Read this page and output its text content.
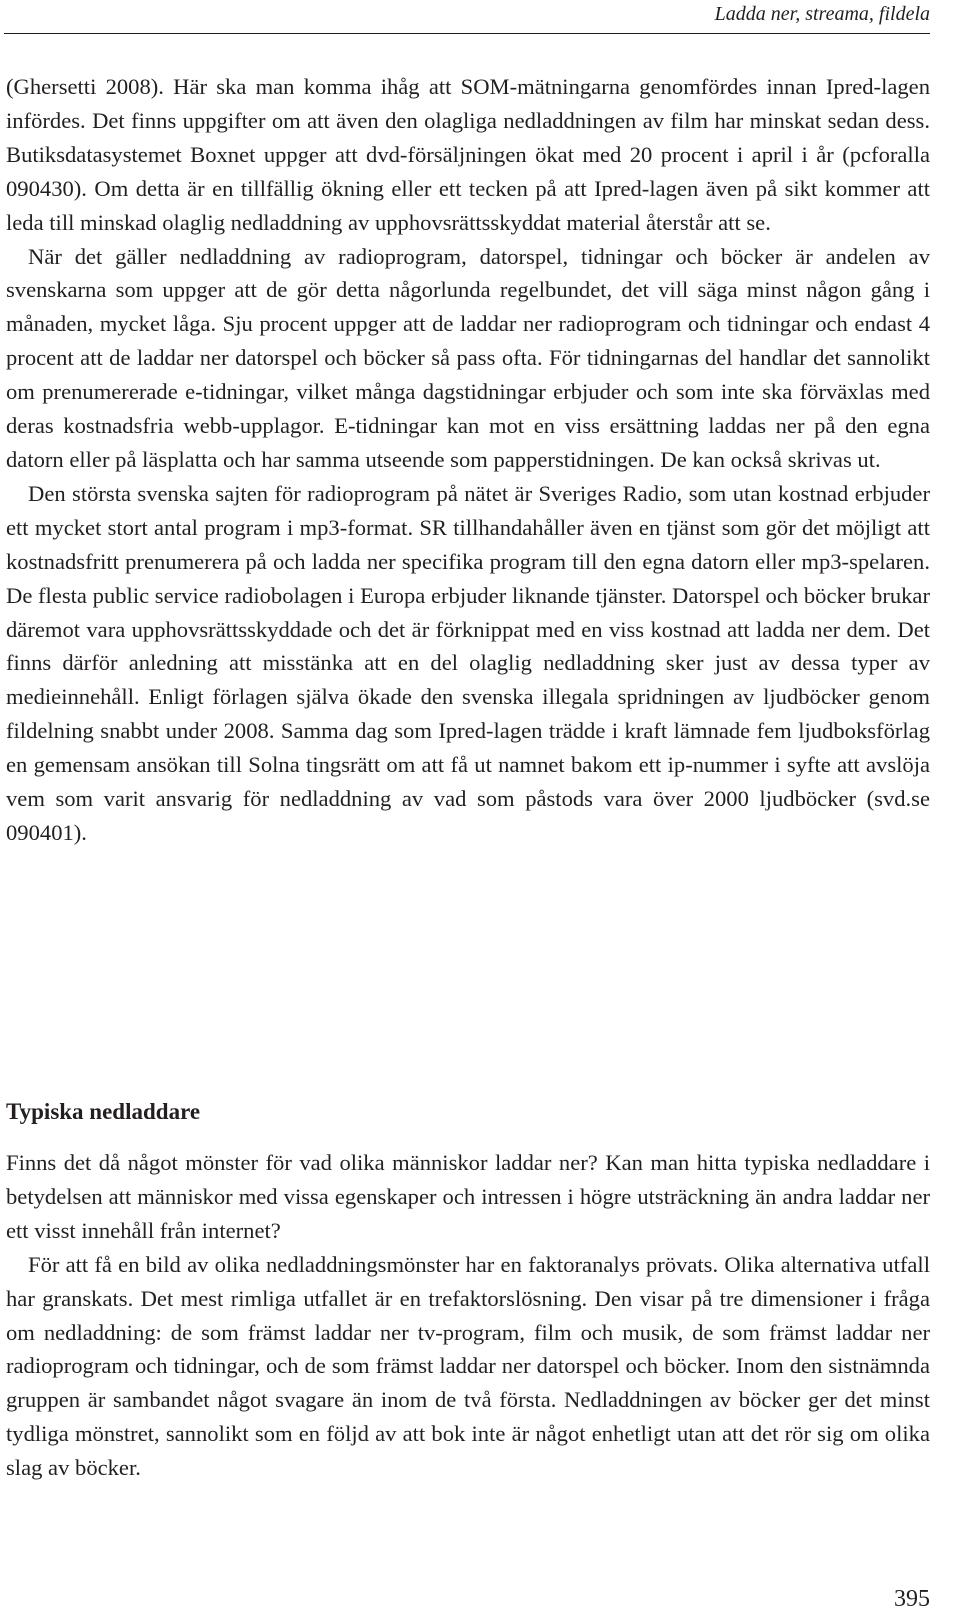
Ladda ner, streama, fildela

(Ghersetti 2008). Här ska man komma ihåg att SOM-mätningarna genomfördes innan Ipred-lagen infördes. Det finns uppgifter om att även den olagliga nedladdningen av film har minskat sedan dess. Butiksdatasystemet Boxnet uppger att dvd-försäljningen ökat med 20 procent i april i år (pcforalla 090430). Om detta är en tillfällig ökning eller ett tecken på att Ipred-lagen även på sikt kommer att leda till minskad olaglig nedladdning av upphovsrättsskyddat material återstår att se.

När det gäller nedladdning av radioprogram, datorspel, tidningar och böcker är andelen av svenskarna som uppger att de gör detta någorlunda regelbundet, det vill säga minst någon gång i månaden, mycket låga. Sju procent uppger att de laddar ner radioprogram och tidningar och endast 4 procent att de laddar ner datorspel och böcker så pass ofta. För tidningarnas del handlar det sannolikt om prenumererade e-tidningar, vilket många dagstidningar erbjuder och som inte ska förväxlas med deras kostnadsfria webb-upplagor. E-tidningar kan mot en viss ersättning laddas ner på den egna datorn eller på läsplatta och har samma utseende som papperstidningen. De kan också skrivas ut.

Den största svenska sajten för radioprogram på nätet är Sveriges Radio, som utan kostnad erbjuder ett mycket stort antal program i mp3-format. SR tillhandahåller även en tjänst som gör det möjligt att kostnadsfritt prenumerera på och ladda ner specifika program till den egna datorn eller mp3-spelaren. De flesta public service radiobolagen i Europa erbjuder liknande tjänster. Datorspel och böcker brukar däremot vara upphovsrättsskyddade och det är förknippat med en viss kostnad att ladda ner dem. Det finns därför anledning att misstänka att en del olaglig nedladdning sker just av dessa typer av medieinnehåll. Enligt förlagen själva ökade den svenska illegala spridningen av ljudböcker genom fildelning snabbt under 2008. Samma dag som Ipred-lagen trädde i kraft lämnade fem ljudboksförlag en gemensam ansökan till Solna tingsrätt om att få ut namnet bakom ett ip-nummer i syfte att avslöja vem som varit ansvarig för nedladdning av vad som påstods vara över 2000 ljudböcker (svd.se 090401).

Typiska nedladdare

Finns det då något mönster för vad olika människor laddar ner? Kan man hitta typiska nedladdare i betydelsen att människor med vissa egenskaper och intressen i högre utsträckning än andra laddar ner ett visst innehåll från internet?

För att få en bild av olika nedladdningsmönster har en faktoranalys prövats. Olika alternativa utfall har granskats. Det mest rimliga utfallet är en trefaktorslösning. Den visar på tre dimensioner i fråga om nedladdning: de som främst laddar ner tv-program, film och musik, de som främst laddar ner radioprogram och tidningar, och de som främst laddar ner datorspel och böcker. Inom den sistnämnda gruppen är sambandet något svagare än inom de två första. Nedladdningen av böcker ger det minst tydliga mönstret, sannolikt som en följd av att bok inte är något enhetligt utan att det rör sig om olika slag av böcker.

395
